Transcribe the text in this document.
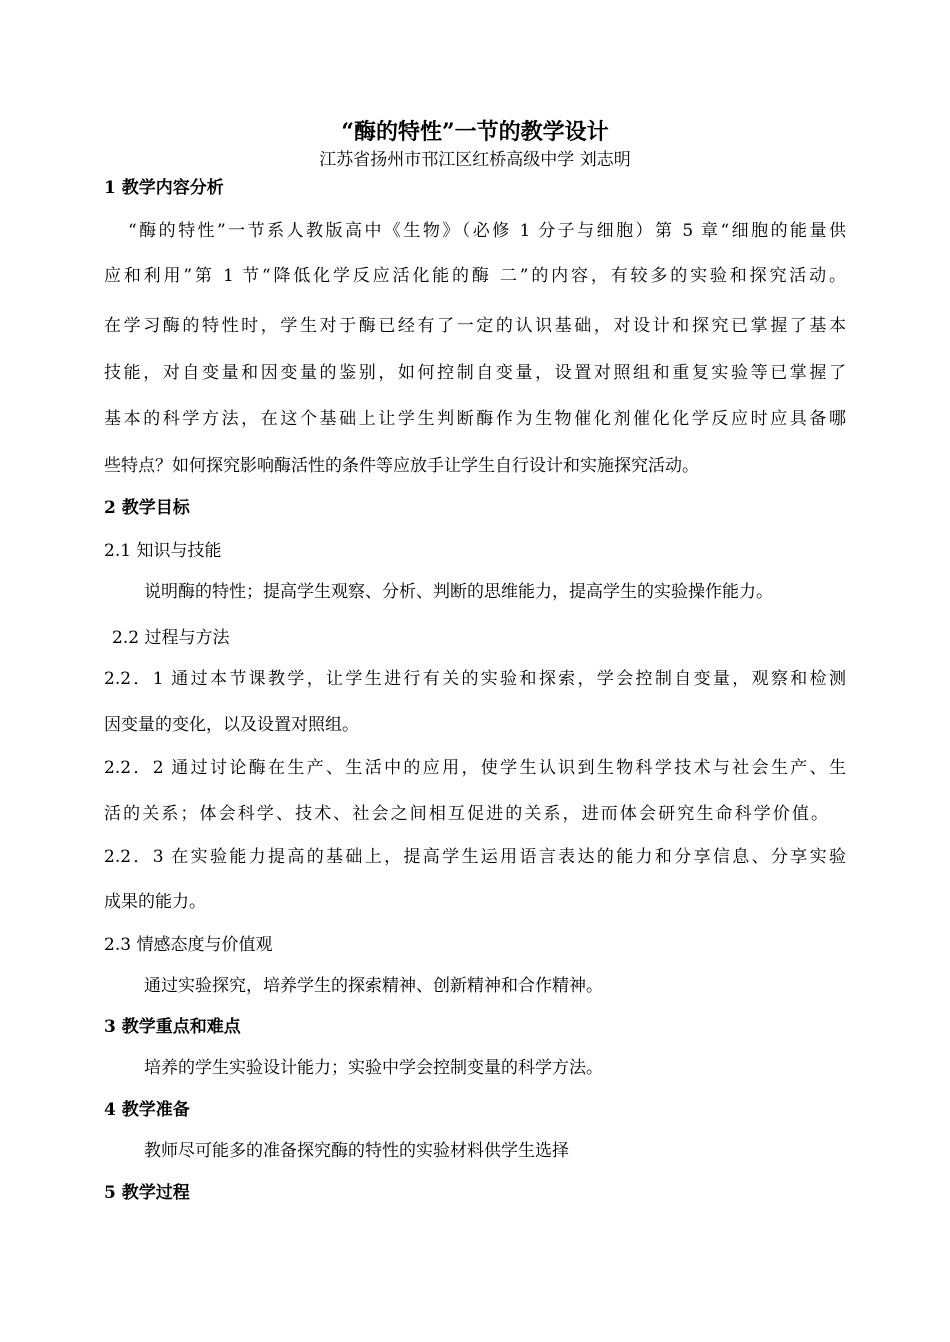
“酶的特性”一节的教学设计
江苏省扬州市邗江区红桥高级中学 刘志明
1 教学内容分析
“酶的特性”一节系人教版高中《生物》（必修 1 分子与细胞）第 5 章“细胞的能量供
应和利用”第 1 节“降低化学反应活化能的酶 二”的内容，有较多的实验和探究活动。
在学习酶的特性时，学生对于酶已经有了一定的认识基础，对设计和探究已掌握了基本
技能，对自变量和因变量的鉴别，如何控制自变量，设置对照组和重复实验等已掌握了
基本的科学方法，在这个基础上让学生判断酶作为生物催化剂催化化学反应时应具备哪
些特点？如何探究影响酶活性的条件等应放手让学生自行设计和实施探究活动。
2 教学目标
2.1 知识与技能
说明酶的特性；提高学生观察、分析、判断的思维能力，提高学生的实验操作能力。
2.2 过程与方法
2.2．1 通过本节课教学，让学生进行有关的实验和探索，学会控制自变量，观察和检测
因变量的变化，以及设置对照组。
2.2．2 通过讨论酶在生产、生活中的应用，使学生认识到生物科学技术与社会生产、生
活的关系；体会科学、技术、社会之间相互促进的关系，进而体会研究生命科学价值。
2.2．3 在实验能力提高的基础上，提高学生运用语言表达的能力和分享信息、分享实验
成果的能力。
2.3 情感态度与价值观
通过实验探究，培养学生的探索精神、创新精神和合作精神。
3 教学重点和难点
培养的学生实验设计能力；实验中学会控制变量的科学方法。
4 教学准备
教师尽可能多的准备探究酶的特性的实验材料供学生选择
5 教学过程
